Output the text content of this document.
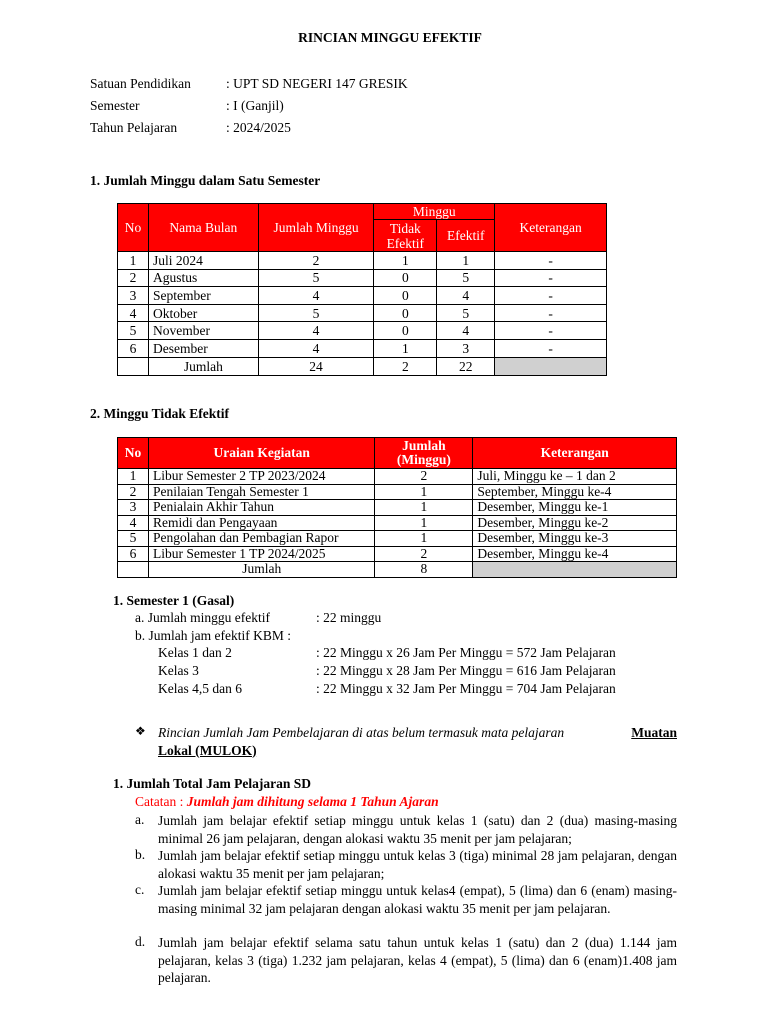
RINCIAN MINGGU EFEKTIF
Satuan Pendidikan	: UPT SD NEGERI 147 GRESIK
Semester	: I (Ganjil)
Tahun Pelajaran	: 2024/2025
1. Jumlah Minggu dalam Satu Semester
No	Nama Bulan	Jumlah Minggu	Minggu		Keterangan
			Tidak Efektif	Efektif	
1	Juli 2024	2	1	1	-
2	Agustus	5	0	5	-
3	September	4	0	4	-
4	Oktober	5	0	5	-
5	November	4	0	4	-
6	Desember	4	1	3	-
	Jumlah	24	2	22	
2. Minggu Tidak Efektif
No	Uraian Kegiatan	Jumlah (Minggu)	Keterangan
1	Libur Semester 2 TP 2023/2024	2	Juli, Minggu ke – 1 dan 2
2	Penilaian Tengah Semester 1	1	September, Minggu ke-4
3	Penialain Akhir Tahun	1	Desember, Minggu ke-1
4	Remidi dan Pengayaan	1	Desember, Minggu ke-2
5	Pengolahan dan Pembagian Rapor	1	Desember, Minggu ke-3
6	Libur Semester 1 TP 2024/2025	2	Desember, Minggu ke-4
	Jumlah	8	
1. Semester 1 (Gasal)
a. Jumlah minggu efektif	: 22 minggu
b. Jumlah jam efektif KBM :
Kelas 1 dan 2	: 22 Minggu x 26 Jam Per Minggu = 572 Jam Pelajaran
Kelas 3	: 22 Minggu x 28 Jam Per Minggu = 616 Jam Pelajaran
Kelas 4,5 dan 6	: 22 Minggu x 32 Jam Per Minggu = 704 Jam Pelajaran
❖ Rincian Jumlah Jam Pembelajaran di atas belum termasuk mata pelajaran	Muatan
Lokal (MULOK)
1. Jumlah Total Jam Pelajaran SD
Catatan : Jumlah jam dihitung selama 1 Tahun Ajaran
a. Jumlah jam belajar efektif setiap minggu untuk kelas 1 (satu) dan 2 (dua) masing-masing minimal 26 jam pelajaran, dengan alokasi waktu 35 menit per jam pelajaran;
b. Jumlah jam belajar efektif setiap minggu untuk kelas 3 (tiga) minimal 28 jam pelajaran, dengan alokasi waktu 35 menit per jam pelajaran;
c. Jumlah jam belajar efektif setiap minggu untuk kelas4 (empat), 5 (lima) dan 6 (enam) masing-masing minimal 32 jam pelajaran dengan alokasi waktu 35 menit per jam pelajaran.
d. Jumlah jam belajar efektif selama satu tahun untuk kelas 1 (satu) dan 2 (dua) 1.144 jam pelajaran, kelas 3 (tiga) 1.232 jam pelajaran, kelas 4 (empat), 5 (lima) dan 6 (enam)1.408 jam pelajaran.
